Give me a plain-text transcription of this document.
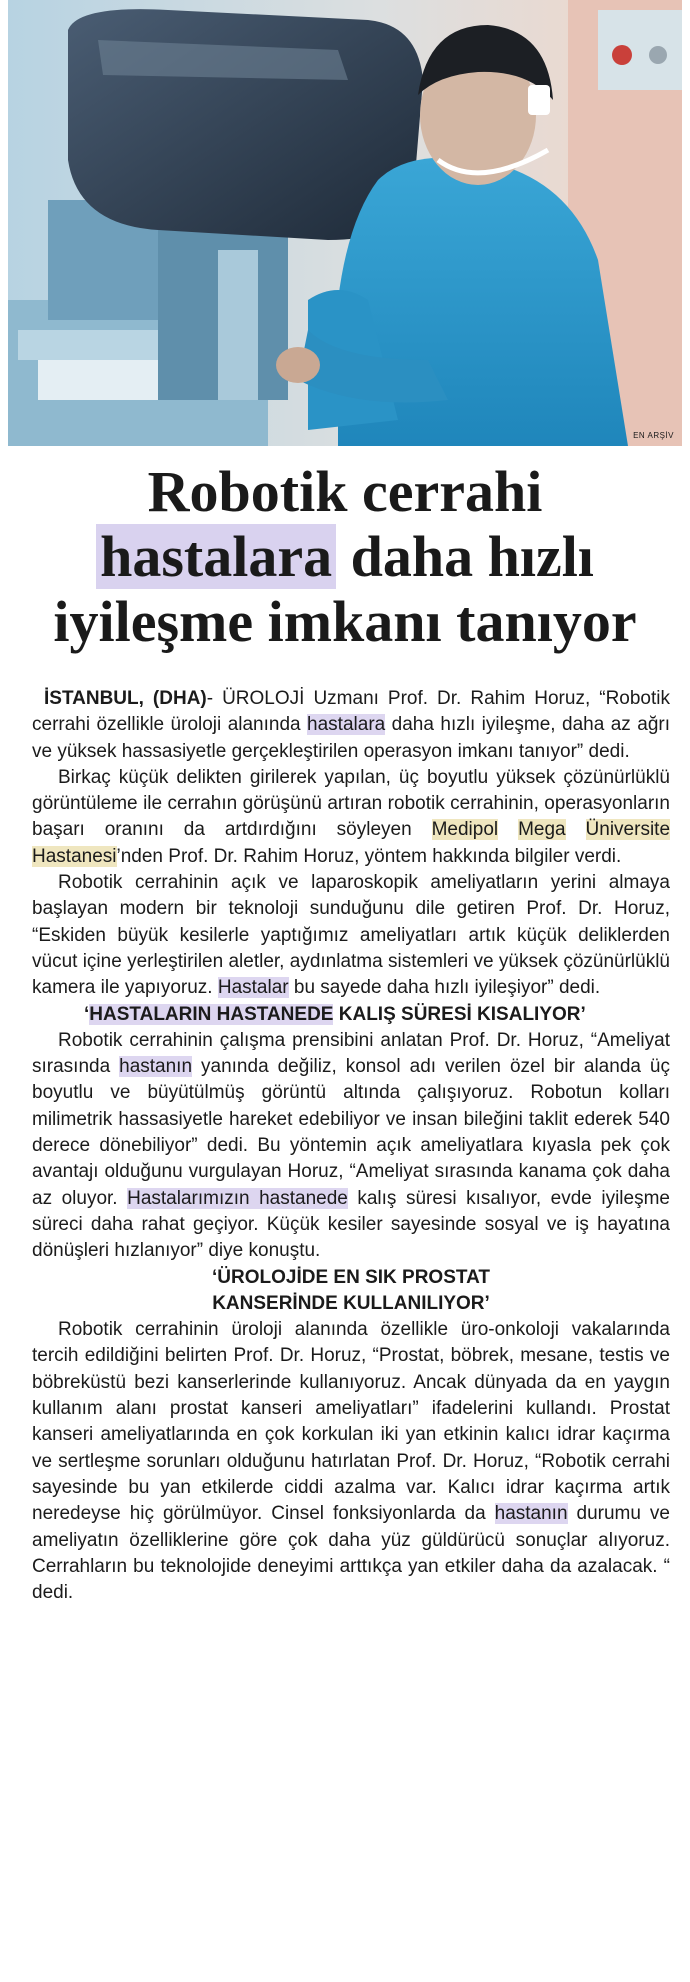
EN ARŞİV
Robotik cerrahi
hastalara daha hızlı
iyileşme imkanı tanıyor

İSTANBUL, (DHA)- ÜROLOJİ Uzmanı Prof. Dr. Rahim Horuz, “Robotik cerrahi özellikle üroloji alanında hastalara daha hızlı iyileşme, daha az ağrı ve yüksek hassasiyetle gerçekleştirilen operasyon imkanı tanıyor” dedi.

Birkaç küçük delikten girilerek yapılan, üç boyutlu yüksek çözünürlüklü görüntüleme ile cerrahın görüşünü artıran robotik cerrahinin, operasyonların başarı oranını da artdırdığını söyleyen Medipol Mega Üniversite Hastanesi’nden Prof. Dr. Rahim Horuz, yöntem hakkında bilgiler verdi.

Robotik cerrahinin açık ve laparoskopik ameliyatların yerini almaya başlayan modern bir teknoloji sunduğunu dile getiren Prof. Dr. Horuz, “Eskiden büyük kesilerle yaptığımız ameliyatları artık küçük deliklerden vücut içine yerleştirilen aletler, aydınlatma sistemleri ve yüksek çözünürlüklü kamera ile yapıyoruz. Hastalar bu sayede daha hızlı iyileşiyor” dedi.

‘HASTALARIN HASTANEDE KALIŞ SÜRESİ KISALIYOR’

Robotik cerrahinin çalışma prensibini anlatan Prof. Dr. Horuz, “Ameliyat sırasında hastanın yanında değiliz, konsol adı verilen özel bir alanda üç boyutlu ve büyütülmüş görüntü altında çalışıyoruz. Robotun kolları milimetrik hassasiyetle hareket edebiliyor ve insan bileğini taklit ederek 540 derece dönebiliyor” dedi. Bu yöntemin açık ameliyatlara kıyasla pek çok avantajı olduğunu vurgulayan Horuz, “Ameliyat sırasında kanama çok daha az oluyor. Hastalarımızın hastanede kalış süresi kısalıyor, evde iyileşme süreci daha rahat geçiyor. Küçük kesiler sayesinde sosyal ve iş hayatına dönüşleri hızlanıyor” diye konuştu.

‘ÜROLOJİDE EN SIK PROSTAT
KANSERİNDE KULLANILIYOR’

Robotik cerrahinin üroloji alanında özellikle üro-onkoloji vakalarında tercih edildiğini belirten Prof. Dr. Horuz, “Prostat, böbrek, mesane, testis ve böbreküstü bezi kanserlerinde kullanıyoruz. Ancak dünyada da en yaygın kullanım alanı prostat kanseri ameliyatları” ifadelerini kullandı. Prostat kanseri ameliyatlarında en çok korkulan iki yan etkinin kalıcı idrar kaçırma ve sertleşme sorunları olduğunu hatırlatan Prof. Dr. Horuz, “Robotik cerrahi sayesinde bu yan etkilerde ciddi azalma var. Kalıcı idrar kaçırma artık neredeyse hiç görülmüyor. Cinsel fonksiyonlarda da hastanın durumu ve ameliyatın özelliklerine göre çok daha yüz güldürücü sonuçlar alıyoruz. Cerrahların bu teknolojide deneyimi arttıkça yan etkiler daha da azalacak. “ dedi.
